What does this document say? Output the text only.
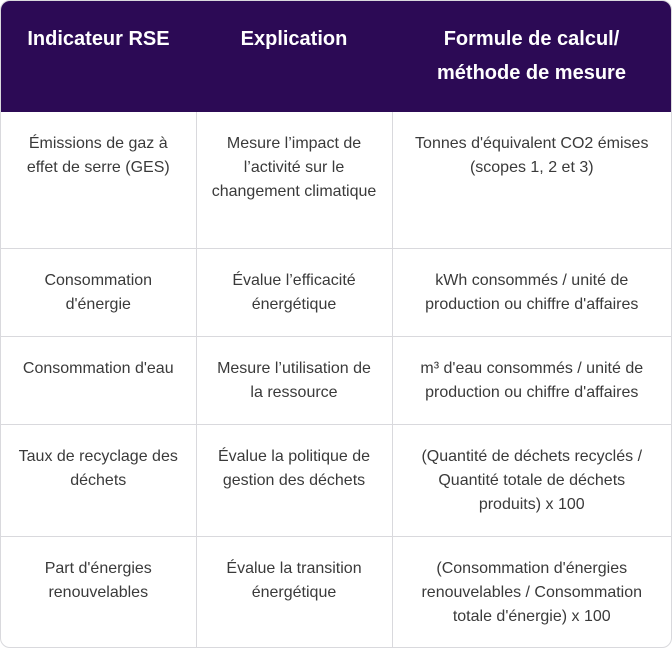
Indicateur RSE	Explication	Formule de calcul/ méthode de mesure
Émissions de gaz à effet de serre (GES)	Mesure l’impact de l’activité sur le changement climatique	Tonnes d'équivalent CO2 émises (scopes 1, 2 et 3)
Consommation d'énergie	Évalue l’efficacité énergétique	kWh consommés / unité de production ou chiffre d'affaires
Consommation d'eau	Mesure l’utilisation de la ressource	m³ d'eau consommés / unité de production ou chiffre d'affaires
Taux de recyclage des déchets	Évalue la politique de gestion des déchets	(Quantité de déchets recyclés / Quantité totale de déchets produits) x 100
Part d'énergies renouvelables	Évalue la transition énergétique	(Consommation d'énergies renouvelables / Consommation totale d'énergie) x 100
